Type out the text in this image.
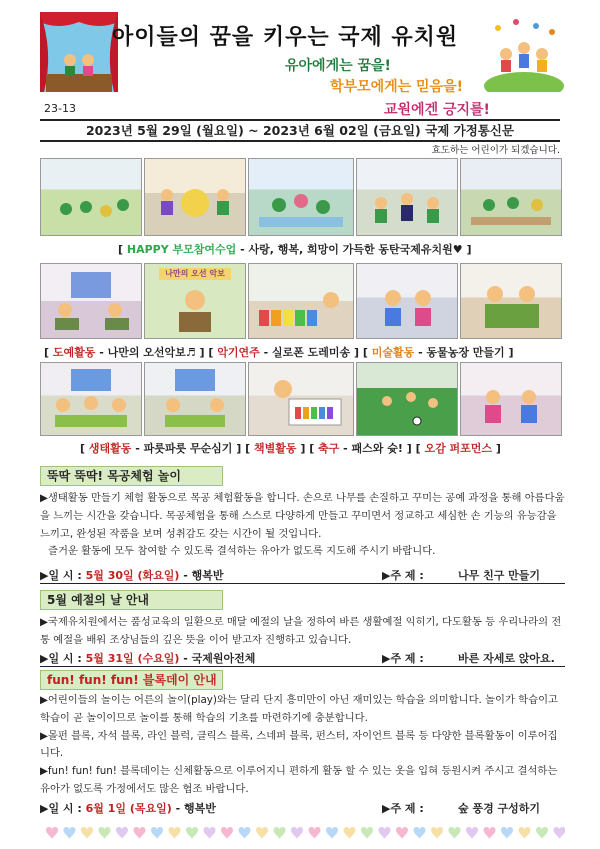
아이들의 꿈을 키우는 국제 유치원
유아에게는 꿈을!
학부모에게는 믿음을!
교원에겐 긍지를!
23-13
2023년 5월 29일 (월요일) ~ 2023년 6월 02일 (금요일) 국제 가정통신문
효도하는 어린이가 되겠습니다.
[ HAPPY 부모참여수업 - 사랑, 행복, 희망이 가득한 동탄국제유치원♥ ]
나만의 오선 악보
[ 도예활동 - 나만의 오선악보♬ ] [ 악기연주 - 실로폰 도레미송 ] [ 미술활동 - 동물농장 만들기 ]
[ 생태활동 - 파릇파릇 무순심기 ] [ 책별활동 ] [ 축구 - 패스와 슛! ] [ 오감 퍼포먼스 ]
뚝딱 뚝딱! 목공체험 놀이
▶생태활동 만들기 체험 활동으로 목공 체험활동을 합니다. 손으로 나무를 손질하고 꾸미는 공예 과정을 통해 아름다움을 느끼는 시간을 갖습니다. 목공체험을 통해 스스로 다양하게 만들고 꾸미면서 정교하고 세심한 손 기능의 유능감을 느끼고, 완성된 작품을 보며 성취감도 갖는 시간이 될 것입니다.
즐거운 활동에 모두 참여할 수 있도록 결석하는 유아가 없도록 지도해 주시기 바랍니다.
▶일 시 : 5월 30일 (화요일) - 행복반	▶주 제 :	나무 친구 만들기
5월 예절의 날 안내
▶국제유치원에서는 품성교육의 일환으로 매달 예절의 날을 정하여 바른 생활예절 익히기, 다도활동 등 우리나라의 전통 예절을 배워 조상님들의 깊은 뜻을 이어 받고자 진행하고 있습니다.
▶일 시 : 5월 31일 (수요일) - 국제원아전체	▶주 제 :	바른 자세로 앉아요.
fun! fun! fun! 블록데이 안내
▶어린이들의 놀이는 어른의 놀이(play)와는 달리 단지 흥미만이 아닌 재미있는 학습을 의미합니다. 놀이가 학습이고 학습이 곧 놀이이므로 놀이를 통해 학습의 기초를 마련하기에 충분합니다.
▶몰펀 블록, 자석 블록, 라인 블럭, 클릭스 블록, 스네퍼 블록, 펀스터, 자이언트 블록 등 다양한 블록활동이 이루어집니다.
▶fun! fun! fun! 블록데이는 신체활동으로 이루어지니 편하게 활동 할 수 있는 옷을 입혀 등원시켜 주시고 결석하는 유아가 없도록 가정에서도 많은 협조 바랍니다.
▶일 시 : 6월 1일 (목요일) - 행복반	▶주 제 :	숲 풍경 구성하기
